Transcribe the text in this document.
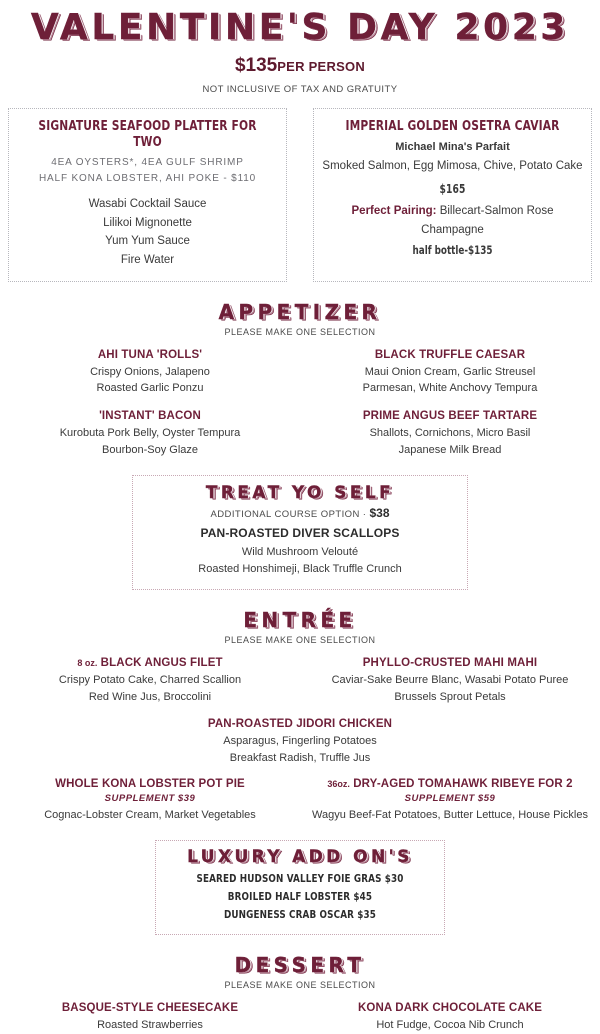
VALENTINE'S DAY 2023
$135PER PERSON
NOT INCLUSIVE OF TAX AND GRATUITY
SIGNATURE SEAFOOD PLATTER FOR TWO
4EA OYSTERS*, 4EA GULF SHRIMP
HALF KONA LOBSTER, AHI POKE - $110
Wasabi Cocktail Sauce
Lilikoi Mignonette
Yum Yum Sauce
Fire Water
IMPERIAL GOLDEN OSETRA CAVIAR
Michael Mina's Parfait
Smoked Salmon, Egg Mimosa, Chive, Potato Cake
$165
Perfect Pairing: Billecart-Salmon Rose Champagne
half bottle-$135
APPETIZER
PLEASE MAKE ONE SELECTION
AHI TUNA 'ROLLS'
Crispy Onions, Jalapeno
Roasted Garlic Ponzu
'INSTANT' BACON
Kurobuta Pork Belly, Oyster Tempura
Bourbon-Soy Glaze
BLACK TRUFFLE CAESAR
Maui Onion Cream, Garlic Streusel
Parmesan, White Anchovy Tempura
PRIME ANGUS BEEF TARTARE
Shallots, Cornichons, Micro Basil
Japanese Milk Bread
TREAT YO SELF
ADDITIONAL COURSE OPTION · $38
PAN-ROASTED DIVER SCALLOPS
Wild Mushroom Velouté
Roasted Honshimeji, Black Truffle Crunch
ENTRÉE
PLEASE MAKE ONE SELECTION
8 oz. BLACK ANGUS FILET
Crispy Potato Cake, Charred Scallion
Red Wine Jus, Broccolini
PHYLLO-CRUSTED MAHI MAHI
Caviar-Sake Beurre Blanc, Wasabi Potato Puree
Brussels Sprout Petals
PAN-ROASTED JIDORI CHICKEN
Asparagus, Fingerling Potatoes
Breakfast Radish, Truffle Jus
WHOLE KONA LOBSTER POT PIE
SUPPLEMENT $39
Cognac-Lobster Cream, Market Vegetables
36oz. DRY-AGED TOMAHAWK RIBEYE FOR 2
SUPPLEMENT $59
Wagyu Beef-Fat Potatoes, Butter Lettuce, House Pickles
LUXURY ADD ON'S
SEARED HUDSON VALLEY FOIE GRAS $30
BROILED HALF LOBSTER $45
DUNGENESS CRAB OSCAR $35
DESSERT
PLEASE MAKE ONE SELECTION
BASQUE-STYLE CHEESECAKE
Roasted Strawberries
KONA DARK CHOCOLATE CAKE
Hot Fudge, Cocoa Nib Crunch
